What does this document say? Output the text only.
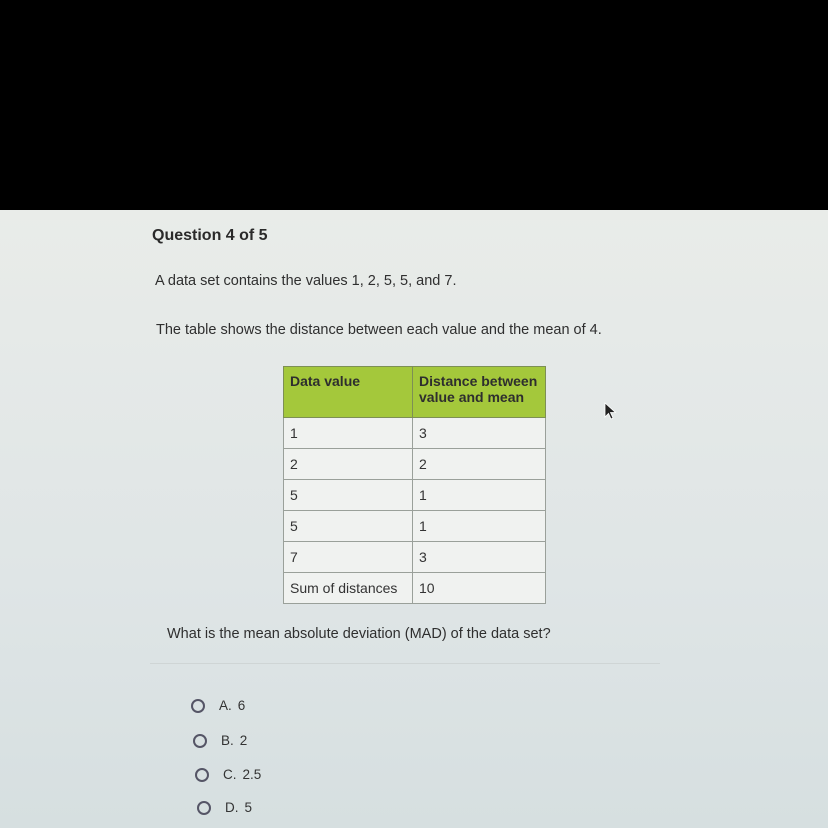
Question 4 of 5
A data set contains the values 1, 2, 5, 5, and 7.
The table shows the distance between each value and the mean of 4.
Data value	Distance between value and mean
1	3
2	2
5	1
5	1
7	3
Sum of distances	10
What is the mean absolute deviation (MAD) of the data set?
A. 6
B. 2
C. 2.5
D. 5
